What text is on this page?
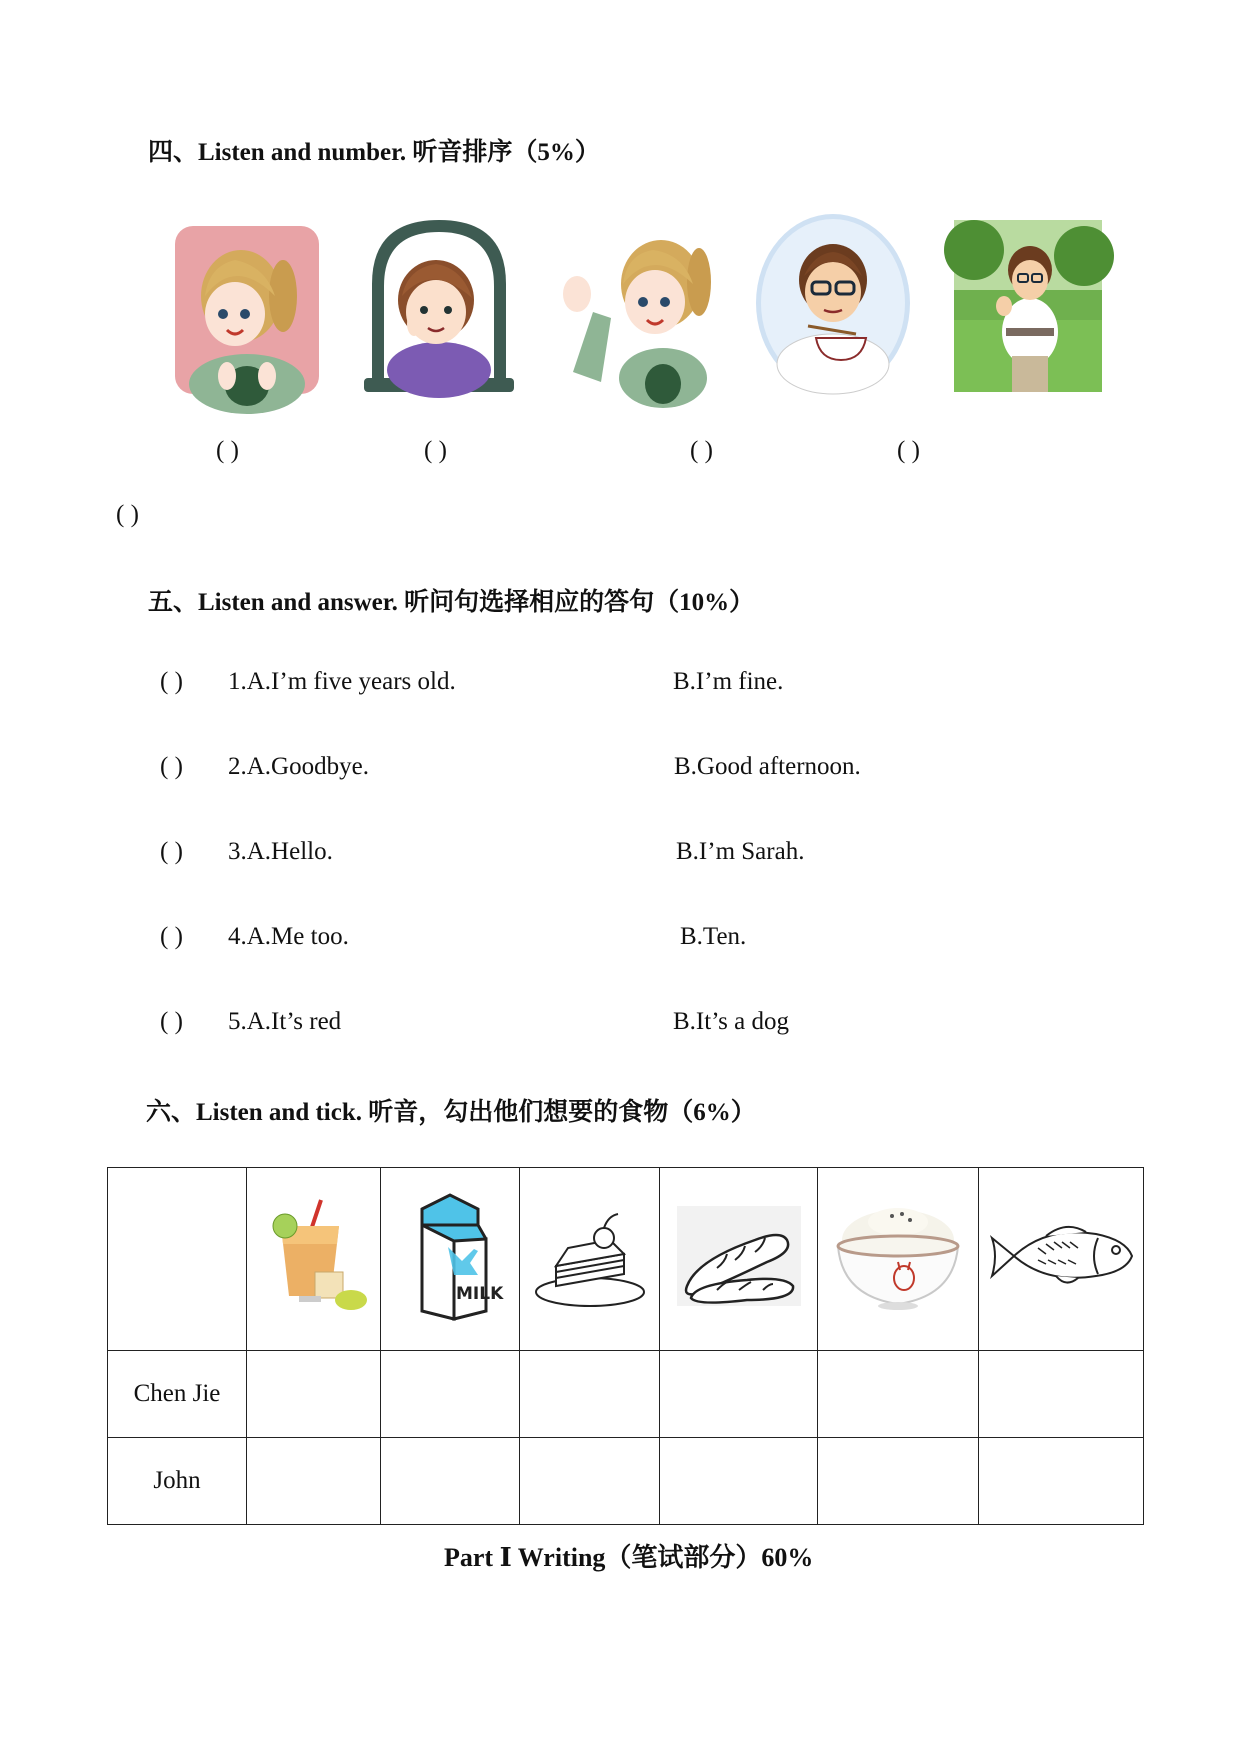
四、Listen and number. 听音排序（5%）
( )	( )	( )	( )
( )
五、Listen and answer. 听问句选择相应的答句（10%）
( ) 1.A.I’m five years old.	B.I’m fine.
( ) 2.A.Goodbye.	B.Good afternoon.
( ) 3.A.Hello.	B.I’m Sarah.
( ) 4.A.Me too.	B.Ten.
( ) 5.A.It’s red	B.It’s a dog
六、Listen and tick. 听音，勾出他们想要的食物（6%）

MILK

Chen Jie						
John						
Part Ⅰ Writing（笔试部分）60%
